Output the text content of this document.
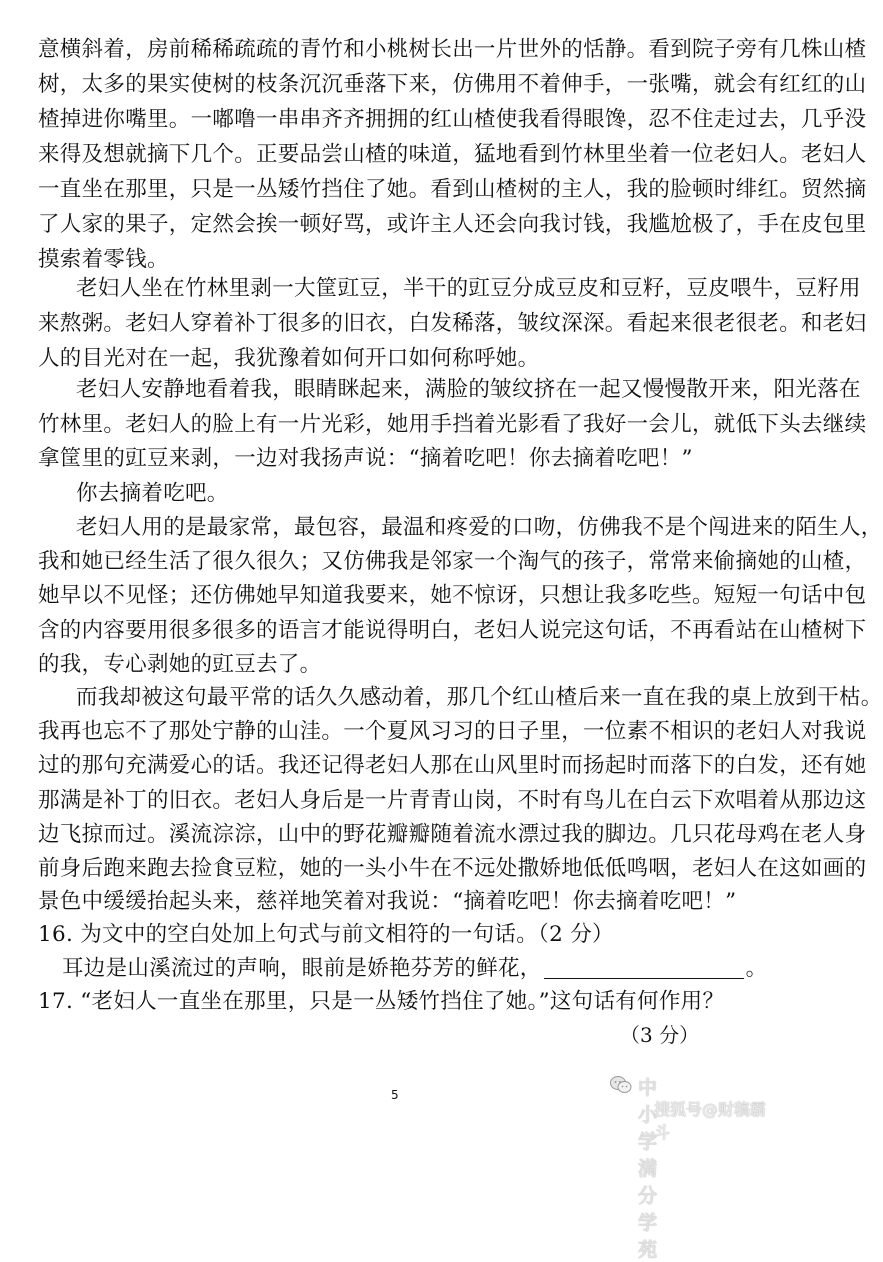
意横斜着，房前稀稀疏疏的青竹和小桃树长出一片世外的恬静。看到院子旁有几株山楂
树，太多的果实使树的枝条沉沉垂落下来，仿佛用不着伸手，一张嘴，就会有红红的山
楂掉进你嘴里。一嘟噜一串串齐齐拥拥的红山楂使我看得眼馋，忍不住走过去，几乎没
来得及想就摘下几个。正要品尝山楂的味道，猛地看到竹林里坐着一位老妇人。老妇人
一直坐在那里，只是一丛矮竹挡住了她。看到山楂树的主人，我的脸顿时绯红。贸然摘
了人家的果子，定然会挨一顿好骂，或许主人还会向我讨钱，我尴尬极了，手在皮包里
摸索着零钱。
老妇人坐在竹林里剥一大筐豇豆，半干的豇豆分成豆皮和豆籽，豆皮喂牛，豆籽用
来熬粥。老妇人穿着补丁很多的旧衣，白发稀落，皱纹深深。看起来很老很老。和老妇
人的目光对在一起，我犹豫着如何开口如何称呼她。
老妇人安静地看着我，眼睛眯起来，满脸的皱纹挤在一起又慢慢散开来，阳光落在
竹林里。老妇人的脸上有一片光彩，她用手挡着光影看了我好一会儿，就低下头去继续
拿筐里的豇豆来剥，一边对我扬声说：“摘着吃吧！你去摘着吃吧！”
你去摘着吃吧。
老妇人用的是最家常，最包容，最温和疼爱的口吻，仿佛我不是个闯进来的陌生人，
我和她已经生活了很久很久；又仿佛我是邻家一个淘气的孩子，常常来偷摘她的山楂，
她早以不见怪；还仿佛她早知道我要来，她不惊讶，只想让我多吃些。短短一句话中包
含的内容要用很多很多的语言才能说得明白，老妇人说完这句话，不再看站在山楂树下
的我，专心剥她的豇豆去了。
而我却被这句最平常的话久久感动着，那几个红山楂后来一直在我的桌上放到干枯。
我再也忘不了那处宁静的山洼。一个夏风习习的日子里，一位素不相识的老妇人对我说
过的那句充满爱心的话。我还记得老妇人那在山风里时而扬起时而落下的白发，还有她
那满是补丁的旧衣。老妇人身后是一片青青山岗，不时有鸟儿在白云下欢唱着从那边这
边飞掠而过。溪流淙淙，山中的野花瓣瓣随着流水漂过我的脚边。几只花母鸡在老人身
前身后跑来跑去捡食豆粒，她的一头小牛在不远处撒娇地低低鸣咽，老妇人在这如画的
景色中缓缓抬起头来，慈祥地笑着对我说：“摘着吃吧！你去摘着吃吧！”
16. 为文中的空白处加上句式与前文相符的一句话。（2 分）
耳边是山溪流过的声响，眼前是娇艳芬芳的鲜花，	。
17. “老妇人一直坐在那里，只是一丛矮竹挡住了她。”这句话有何作用？
（3 分）
5	中小学满分学苑
搜狐号@财稿霸斗
